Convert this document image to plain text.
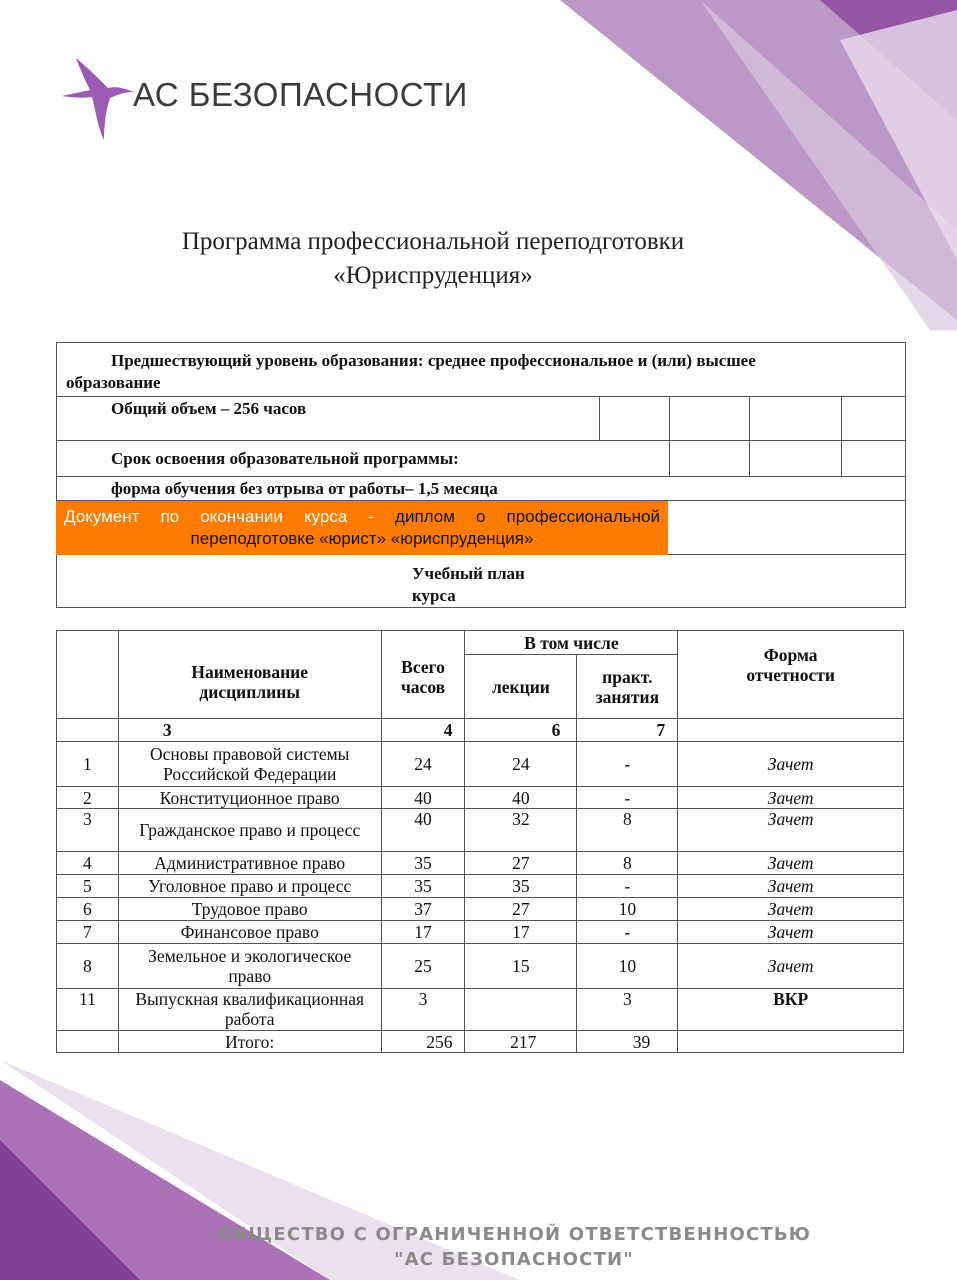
АС БЕЗОПАСНОСТИ
Программа профессиональной переподготовки
«Юриспруденция»
Предшествующий уровень образования: среднее профессиональное и (или) высшее
образование				

Общий объем – 256 часов				

Срок освоения образовательной программы:				

форма обучения без отрыва от работы– 1,5 месяца				

Учебный план
курса				
Документ по окончании курса - диплом о профессиональной
переподготовке «юрист» «юриспруденция»

	Наименование дисциплины	Всего часов	В том числе		Форма отчетности

			лекции	практ. занятия	

	3	4	6	7	
1	Основы правовой системы Российской Федерации	24	24	-	Зачет
2	Конституционное право	40	40	-	Зачет
3	Гражданское право и процесс	40	32	8	Зачет
4	Административное право	35	27	8	Зачет
5	Уголовное право и процесс	35	35	-	Зачет
6	Трудовое право	37	27	10	Зачет
7	Финансовое право	17	17	-	Зачет
8	Земельное и экологическое право	25	15	10	Зачет
11	Выпускная квалификационная работа	3		3	ВКР
	Итого:	256	217	39	
ОБЩЕСТВО С ОГРАНИЧЕННОЙ ОТВЕТСТВЕННОСТЬЮ
"АС БЕЗОПАСНОСТИ"
